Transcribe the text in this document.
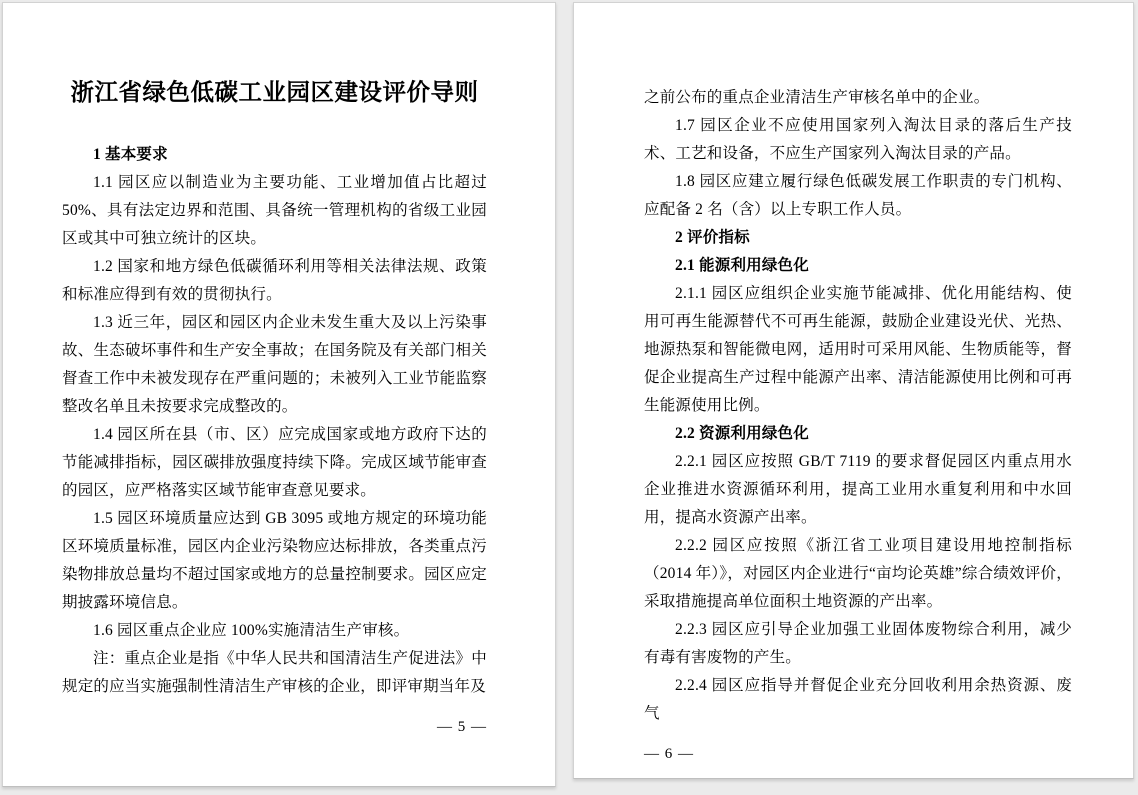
浙江省绿色低碳工业园区建设评价导则
1 基本要求
1.1 园区应以制造业为主要功能、工业增加值占比超过50%、具有法定边界和范围、具备统一管理机构的省级工业园区或其中可独立统计的区块。
1.2 国家和地方绿色低碳循环利用等相关法律法规、政策和标准应得到有效的贯彻执行。
1.3 近三年，园区和园区内企业未发生重大及以上污染事故、生态破坏事件和生产安全事故；在国务院及有关部门相关督查工作中未被发现存在严重问题的；未被列入工业节能监察整改名单且未按要求完成整改的。
1.4 园区所在县（市、区）应完成国家或地方政府下达的节能减排指标，园区碳排放强度持续下降。完成区域节能审查的园区，应严格落实区域节能审查意见要求。
1.5 园区环境质量应达到 GB 3095 或地方规定的环境功能区环境质量标准，园区内企业污染物应达标排放，各类重点污染物排放总量均不超过国家或地方的总量控制要求。园区应定期披露环境信息。
1.6 园区重点企业应 100%实施清洁生产审核。
注：重点企业是指《中华人民共和国清洁生产促进法》中规定的应当实施强制性清洁生产审核的企业，即评审期当年及
— 5 —
之前公布的重点企业清洁生产审核名单中的企业。
1.7 园区企业不应使用国家列入淘汰目录的落后生产技术、工艺和设备，不应生产国家列入淘汰目录的产品。
1.8 园区应建立履行绿色低碳发展工作职责的专门机构、应配备 2 名（含）以上专职工作人员。
2 评价指标
2.1 能源利用绿色化
2.1.1 园区应组织企业实施节能减排、优化用能结构、使用可再生能源替代不可再生能源，鼓励企业建设光伏、光热、地源热泵和智能微电网，适用时可采用风能、生物质能等，督促企业提高生产过程中能源产出率、清洁能源使用比例和可再生能源使用比例。
2.2 资源利用绿色化
2.2.1 园区应按照 GB/T 7119 的要求督促园区内重点用水企业推进水资源循环利用，提高工业用水重复利用和中水回用，提高水资源产出率。
2.2.2 园区应按照《浙江省工业项目建设用地控制指标（2014 年）》，对园区内企业进行“亩均论英雄”综合绩效评价，采取措施提高单位面积土地资源的产出率。
2.2.3 园区应引导企业加强工业固体废物综合利用，减少有毒有害废物的产生。
2.2.4 园区应指导并督促企业充分回收利用余热资源、废气
— 6 —
